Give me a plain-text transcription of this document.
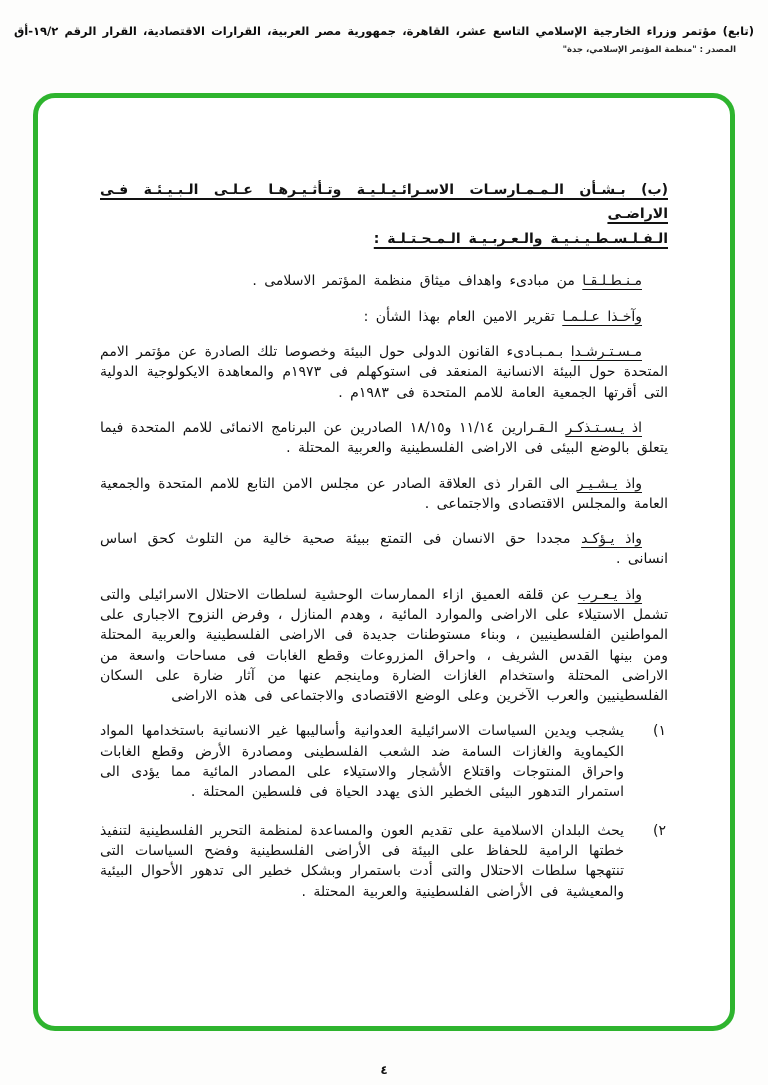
(تابع) مؤتمر وزراء الخارجية الإسلامي التاسع عشر، القاهرة، جمهورية مصر العربية، القرارات الاقتصادية، القرار الرقم ١٩/٢-أق
المصدر : "منظمة المؤتمر الإسلامي، جدة"
(ب) بـشـأن الـمـمـارسـات الاسـرائـيـلـيـة وتـأثـيـرهـا عـلـى الـبـيـئـة فـى الاراضـى
الـفـلـسـطـيـنـيـة والـعـربـيـة الـمـحـتـلـة :

مـنـطـلـقـا من مبادىء واهداف ميثاق منظمة المؤتمر الاسلامى .

وآخـذا عـلـمـا تقرير الامين العام بهذا الشأن :

مـسـتـرشـدا بـمـبـادىء القانون الدولى حول البيئة وخصوصا تلك الصادرة عن مؤتمر الامم المتحدة حول البيئة الانسانية المنعقد فى استوكهلم فى ١٩٧٣م والمعاهدة الايكولوجية الدولية التى أقرتها الجمعية العامة للامم المتحدة فى ١٩٨٣م .

اذ يـسـتـذكـر الـقـرارين ١١/١٤ و١٨/١٥ الصادرين عن البرنامج الانمائى للامم المتحدة فيما يتعلق بالوضع البيئى فى الاراضى الفلسطينية والعربية المحتلة .

واذ يـشـيـر الى القرار ذى العلاقة الصادر عن مجلس الامن التابع للامم المتحدة والجمعية العامة والمجلس الاقتصادى والاجتماعى .

واذ يـؤكـد مجددا حق الانسان فى التمتع ببيئة صحية خالية من التلوث كحق اساس انسانى .

واذ يـعـرب عن قلقه العميق ازاء الممارسات الوحشية لسلطات الاحتلال الاسرائيلى والتى تشمل الاستيلاء على الاراضى والموارد المائية ، وهدم المنازل ، وفرض النزوح الاجبارى على المواطنين الفلسطينيين ، وبناء مستوطنات جديدة فى الاراضى الفلسطينية والعربية المحتلة ومن بينها القدس الشريف ، واحراق المزروعات وقطع الغابات فى مساحات واسعة من الاراضى المحتلة واستخدام الغازات الضارة وماينجم عنها من آثار ضارة على السكان الفلسطينيين والعرب الآخرين وعلى الوضع الاقتصادى والاجتماعى فى هذه الاراضى

١)
يشجب ويدين السياسات الاسرائيلية العدوانية وأساليبها غير الانسانية باستخدامها المواد الكيماوية والغازات السامة ضد الشعب الفلسطينى ومصادرة الأرض وقطع الغابات واحراق المنتوجات واقتلاع الأشجار والاستيلاء على المصادر المائية مما يؤدى الى استمرار التدهور البيئى الخطير الذى يهدد الحياة فى فلسطين المحتلة .
٢)
يحث البلدان الاسلامية على تقديم العون والمساعدة لمنظمة التحرير الفلسطينية لتنفيذ خطتها الرامية للحفاظ على البيئة فى الأراضى الفلسطينية وفضح السياسات التى تنتهجها سلطات الاحتلال والتى أدت باستمرار وبشكل خطير الى تدهور الأحوال البيئية والمعيشية فى الأراضى الفلسطينية والعربية المحتلة .
٤
